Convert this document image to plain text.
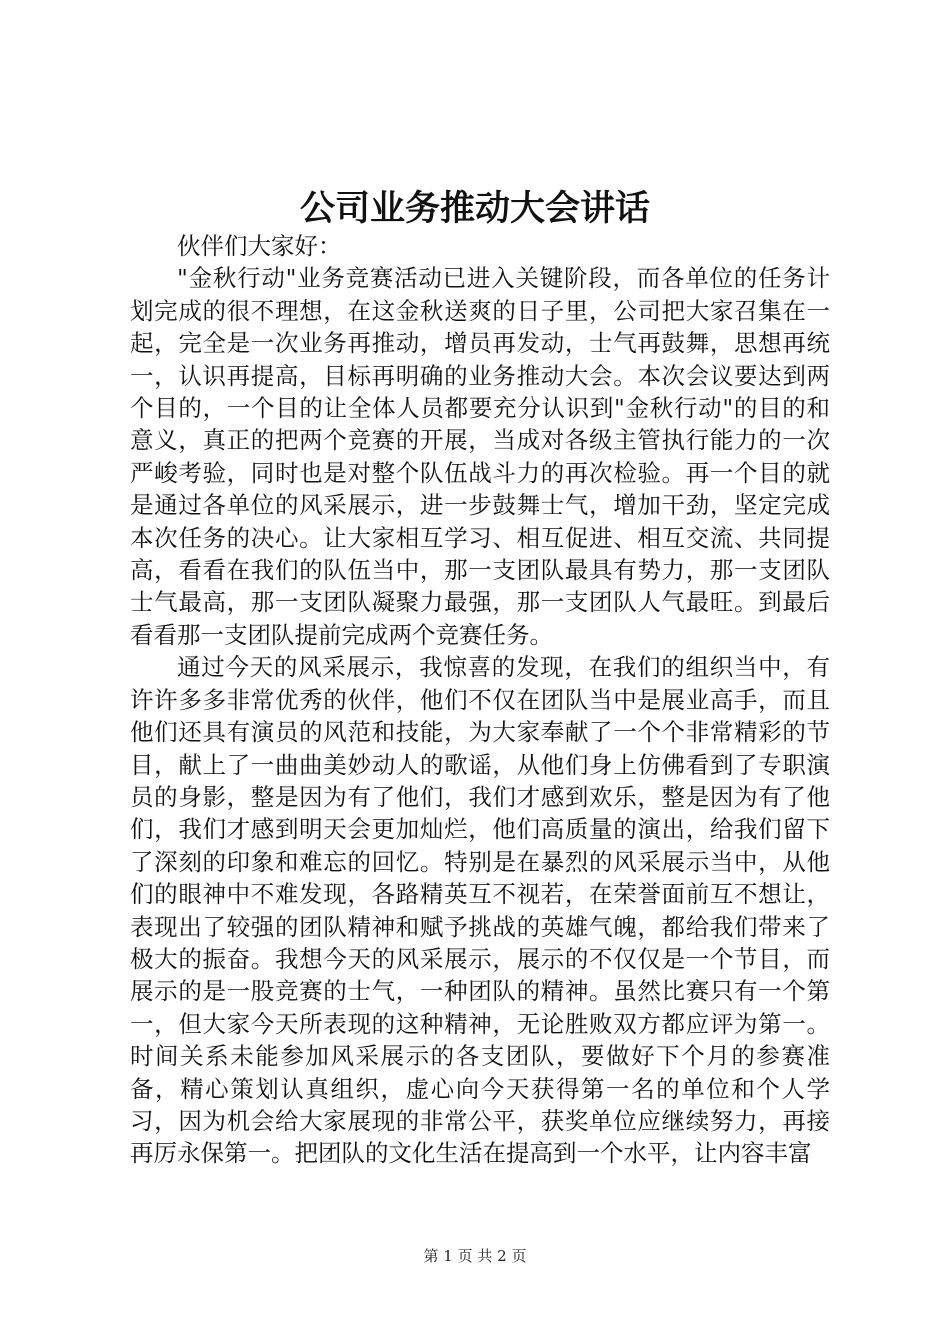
公司业务推动大会讲话

伙伴们大家好：

"金秋行动"业务竞赛活动已进入关键阶段，而各单位的任务计划完成的很不理想，在这金秋送爽的日子里，公司把大家召集在一起，完全是一次业务再推动，增员再发动，士气再鼓舞，思想再统一，认识再提高，目标再明确的业务推动大会。本次会议要达到两个目的，一个目的让全体人员都要充分认识到"金秋行动"的目的和意义，真正的把两个竞赛的开展，当成对各级主管执行能力的一次严峻考验，同时也是对整个队伍战斗力的再次检验。再一个目的就是通过各单位的风采展示，进一步鼓舞士气，增加干劲，坚定完成本次任务的决心。让大家相互学习、相互促进、相互交流、共同提高，看看在我们的队伍当中，那一支团队最具有势力，那一支团队士气最高，那一支团队凝聚力最强，那一支团队人气最旺。到最后看看那一支团队提前完成两个竞赛任务。

通过今天的风采展示，我惊喜的发现，在我们的组织当中，有许许多多非常优秀的伙伴，他们不仅在团队当中是展业高手，而且他们还具有演员的风范和技能，为大家奉献了一个个非常精彩的节目，献上了一曲曲美妙动人的歌谣，从他们身上仿佛看到了专职演员的身影，整是因为有了他们，我们才感到欢乐，整是因为有了他们，我们才感到明天会更加灿烂，他们高质量的演出，给我们留下了深刻的印象和难忘的回忆。特别是在暴烈的风采展示当中，从他们的眼神中不难发现，各路精英互不视若，在荣誉面前互不想让，表现出了较强的团队精神和赋予挑战的英雄气魄，都给我们带来了极大的振奋。我想今天的风采展示，展示的不仅仅是一个节目，而展示的是一股竞赛的士气，一种团队的精神。虽然比赛只有一个第一，但大家今天所表现的这种精神，无论胜败双方都应评为第一。时间关系未能参加风采展示的各支团队，要做好下个月的参赛准备，精心策划认真组织，虚心向今天获得第一名的单位和个人学习，因为机会给大家展现的非常公平，获奖单位应继续努力，再接再厉永保第一。把团队的文化生活在提高到一个水平，让内容丰富

第 1 页 共 2 页
